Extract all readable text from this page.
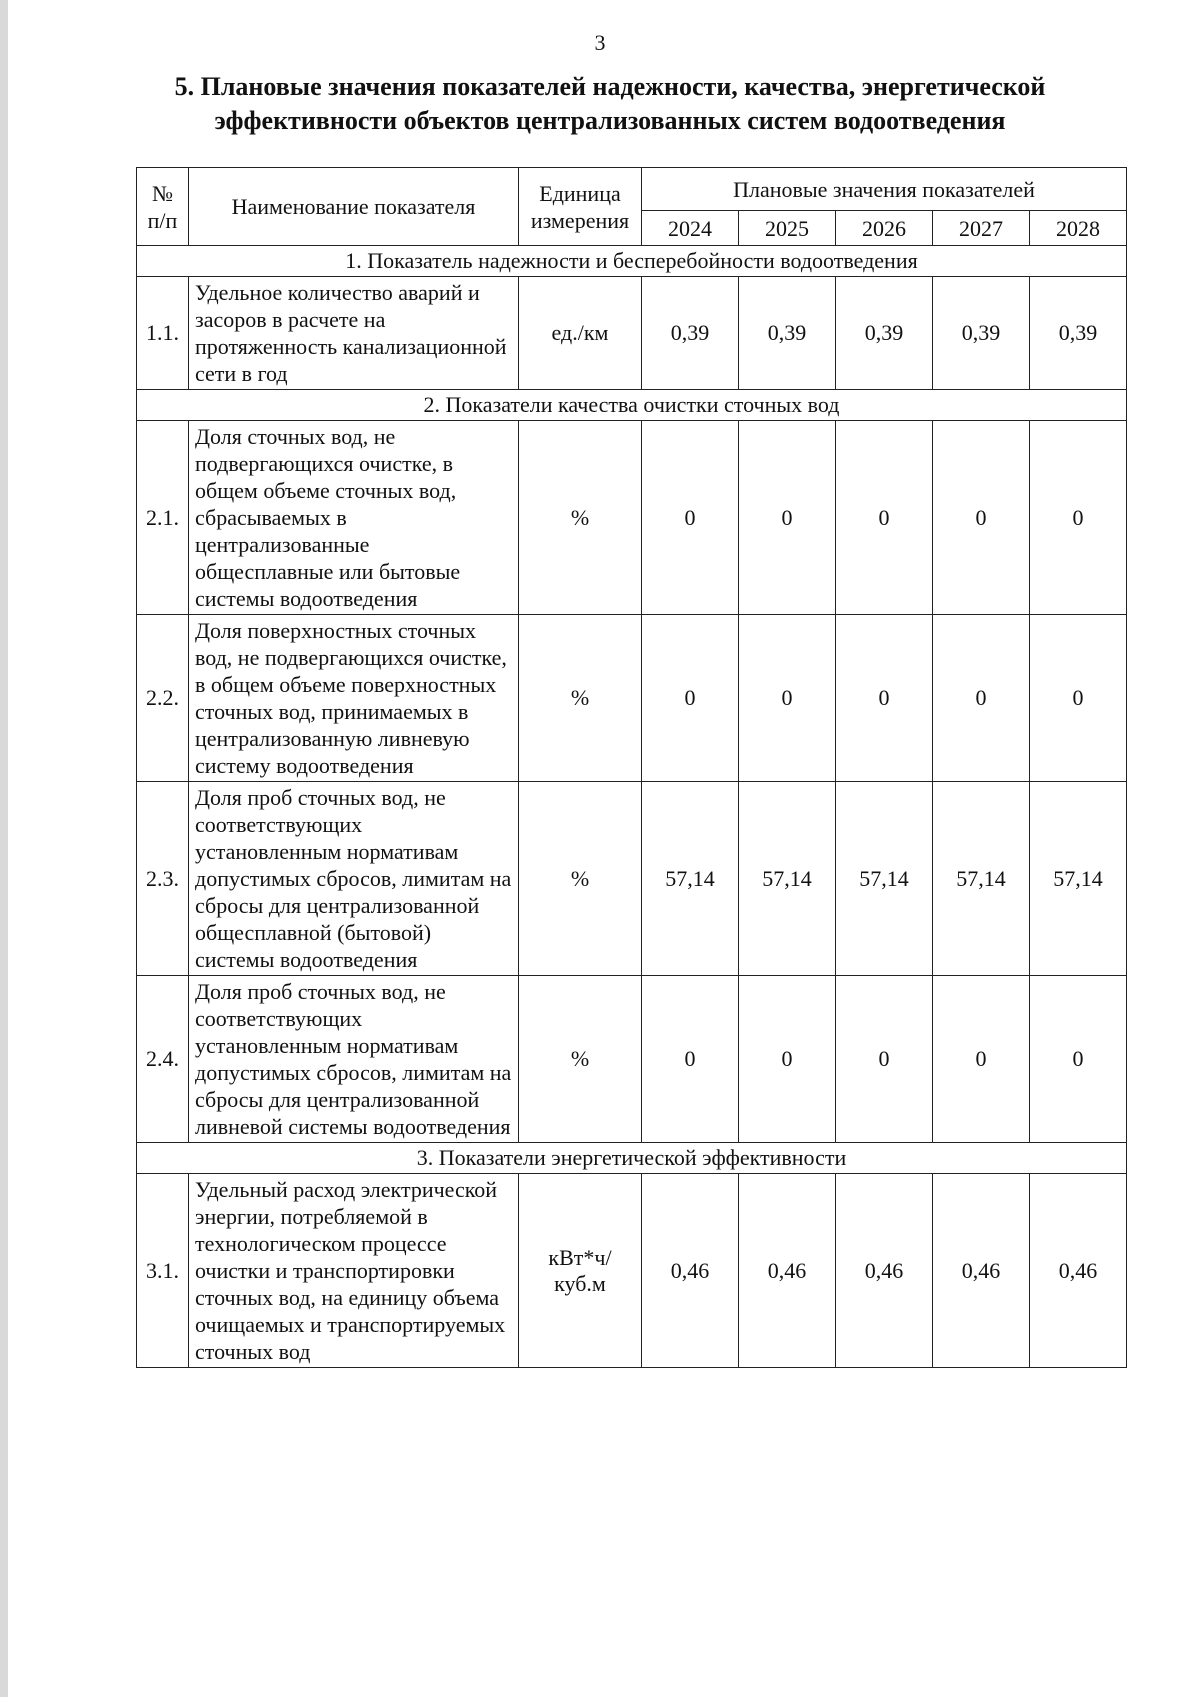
3
5. Плановые значения показателей надежности, качества, энергетической
эффективности объектов централизованных систем водоотведения
№ п/п	Наименование показателя	Единица измерения	Плановые значения показателей				
			2024	2025	2026	2027	2028
1. Показатель надежности и бесперебойности водоотведения							
1.1.	Удельное количество аварий и засоров в расчете на протяженность канализационной сети в год	ед./км	0,39	0,39	0,39	0,39	0,39
2. Показатели качества очистки сточных вод							
2.1.	Доля сточных вод, не подвергающихся очистке, в общем объеме сточных вод, сбрасываемых в централизованные общесплавные или бытовые системы водоотведения	%	0	0	0	0	0
2.2.	Доля поверхностных сточных вод, не подвергающихся очистке, в общем объеме поверхностных сточных вод, принимаемых в централизованную ливневую систему водоотведения	%	0	0	0	0	0
2.3.	Доля проб сточных вод, не соответствующих установленным нормативам допустимых сбросов, лимитам на сбросы для централизованной общесплавной (бытовой) системы водоотведения	%	57,14	57,14	57,14	57,14	57,14
2.4.	Доля проб сточных вод, не соответствующих установленным нормативам допустимых сбросов, лимитам на сбросы для централизованной ливневой системы водоотведения	%	0	0	0	0	0
3. Показатели энергетической эффективности							
3.1.	Удельный расход электрической энергии, потребляемой в технологическом процессе очистки и транспортировки сточных вод, на единицу объема очищаемых и транспортируемых сточных вод	кВт*ч/ куб.м	0,46	0,46	0,46	0,46	0,46
